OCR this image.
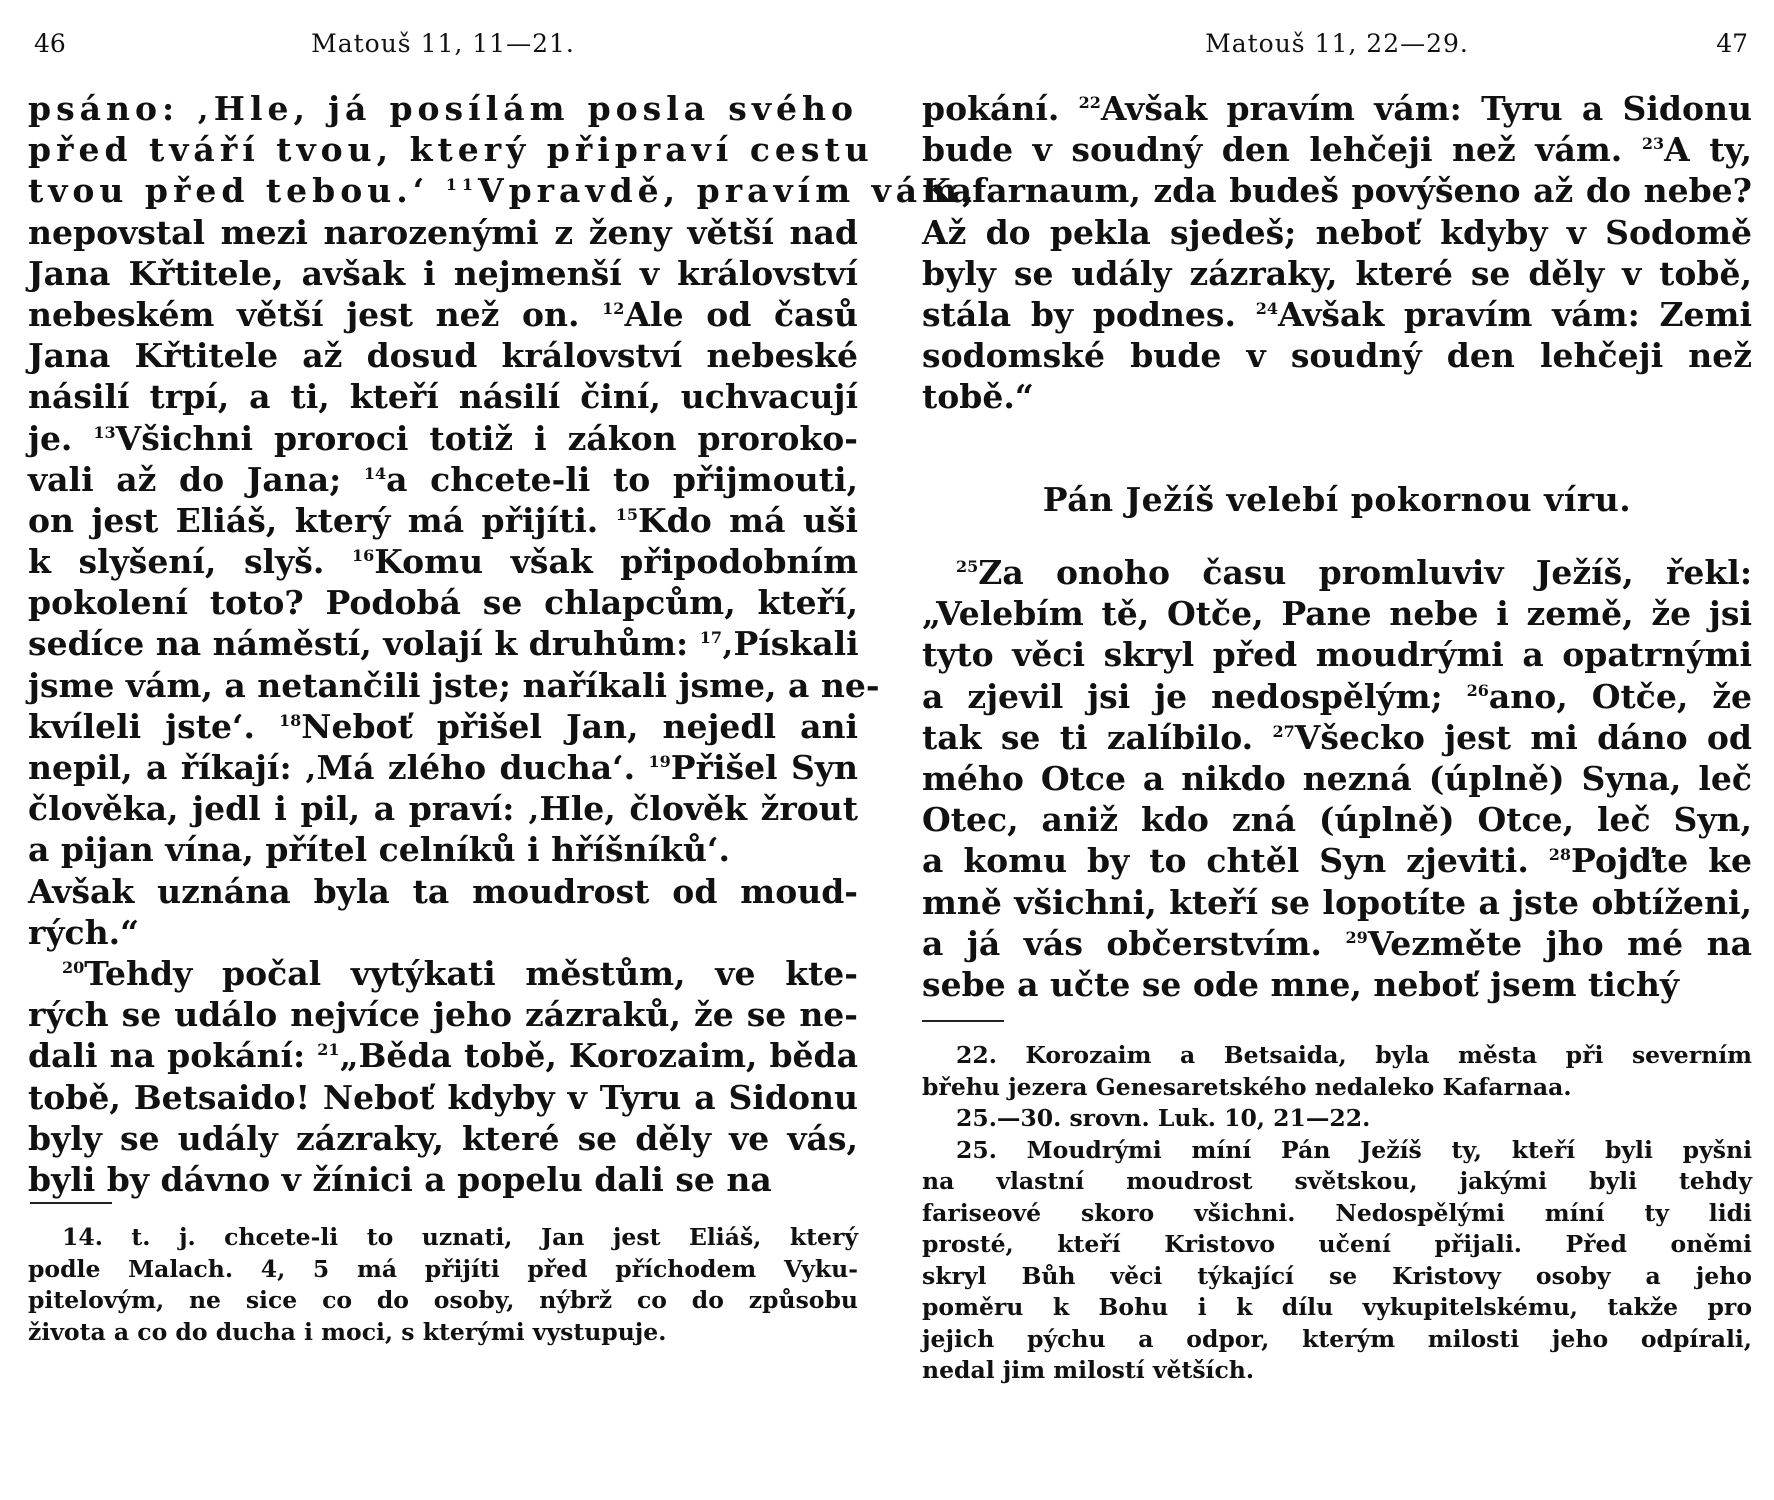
46	Matouš 11, 11—21.
psáno: ‚Hle, já posílám posla svého
před tváří tvou, který připraví cestu
tvou před tebou.‘ $^{11}$Vpravdě, pravím vám,
nepovstal mezi narozenými z ženy větší nad
Jana Křtitele, avšak i nejmenší v království
nebeském větší jest než on. $^{12}$Ale od časů
Jana Křtitele až dosud království nebeské
násilí trpí, a ti, kteří násilí činí, uchvacují
je. $^{13}$Všichni proroci totiž i zákon proroko-
vali až do Jana; $^{14}$a chcete-li to přijmouti,
on jest Eliáš, který má přijíti. $^{15}$Kdo má uši
k slyšení, slyš. $^{16}$Komu však připodobním
pokolení toto? Podobá se chlapcům, kteří,
sedíce na náměstí, volají k druhům: $^{17}$‚Pískali
jsme vám, a netančili jste; naříkali jsme, a ne-
kvíleli jste‘. $^{18}$Neboť přišel Jan, nejedl ani
nepil, a říkají: ‚Má zlého ducha‘. $^{19}$Přišel Syn
člověka, jedl i pil, a praví: ‚Hle, člověk žrout
a pijan vína, přítel celníků i hříšníků‘.
Avšak uznána byla ta moudrost od moud-
rých.“
$^{20}$Tehdy počal vytýkati městům, ve kte-
rých se událo nejvíce jeho zázraků, že se ne-
dali na pokání: $^{21}$„Běda tobě, Korozaim, běda
tobě, Betsaido! Neboť kdyby v Tyru a Sidonu
byly se udály zázraky, které se děly ve vás,
byli by dávno v žínici a popelu dali se na
14. t. j. chcete-li to uznati, Jan jest Eliáš, který
podle Malach. 4, 5 má přijíti před příchodem Vyku-
pitelovým, ne sice co do osoby, nýbrž co do způsobu
života a co do ducha i moci, s kterými vystupuje.
Matouš 11, 22—29.	47
pokání. $^{22}$Avšak pravím vám: Tyru a Sidonu
bude v soudný den lehčeji než vám. $^{23}$A ty,
Kafarnaum, zda budeš povýšeno až do nebe?
Až do pekla sjedeš; neboť kdyby v Sodomě
byly se udály zázraky, které se děly v tobě,
stála by podnes. $^{24}$Avšak pravím vám: Zemi
sodomské bude v soudný den lehčeji než
tobě.“
Pán Ježíš velebí pokornou víru.
$^{25}$Za onoho času promluviv Ježíš, řekl:
„Velebím tě, Otče, Pane nebe i země, že jsi
tyto věci skryl před moudrými a opatrnými
a zjevil jsi je nedospělým; $^{26}$ano, Otče, že
tak se ti zalíbilo. $^{27}$Všecko jest mi dáno od
mého Otce a nikdo nezná (úplně) Syna, leč
Otec, aniž kdo zná (úplně) Otce, leč Syn,
a komu by to chtěl Syn zjeviti. $^{28}$Pojďte ke
mně všichni, kteří se lopotíte a jste obtíženi,
a já vás občerstvím. $^{29}$Vezměte jho mé na
sebe a učte se ode mne, neboť jsem tichý
22. Korozaim a Betsaida, byla města při severním
břehu jezera Genesaretského nedaleko Kafarnaa.
25.—30. srovn. Luk. 10, 21—22.
25. Moudrými míní Pán Ježíš ty, kteří byli pyšni
na vlastní moudrost světskou, jakými byli tehdy
fariseové skoro všichni. Nedospělými míní ty lidi
prosté, kteří Kristovo učení přijali. Před oněmi
skryl Bůh věci týkající se Kristovy osoby a jeho
poměru k Bohu i k dílu vykupitelskému, takže pro
jejich pýchu a odpor, kterým milosti jeho odpírali,
nedal jim milostí větších.
